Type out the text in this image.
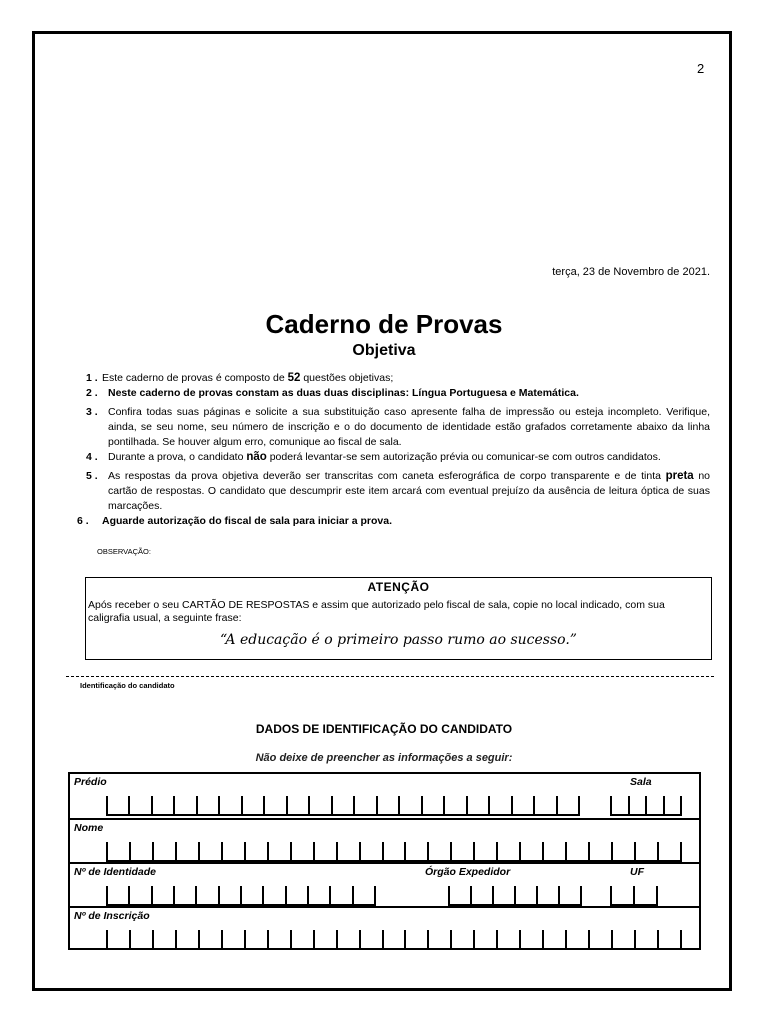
2
terça, 23 de Novembro de 2021.
Caderno de Provas
Objetiva
1 . Este caderno de provas é composto de 52 questões objetivas;
2 . Neste caderno de provas constam as duas duas disciplinas: Língua Portuguesa e Matemática.
3 . Confira todas suas páginas e solicite a sua substituição caso apresente falha de impressão ou esteja incompleto. Verifique, ainda, se seu nome, seu número de inscrição e o do documento de identidade estão grafados corretamente abaixo da linha pontilhada. Se houver algum erro, comunique ao fiscal de sala.
4 . Durante a prova, o candidato não poderá levantar-se sem autorização prévia ou comunicar-se com outros candidatos.
5 . As respostas da prova objetiva deverão ser transcritas com caneta esferográfica de corpo transparente e de tinta preta no cartão de respostas. O candidato que descumprir este item arcará com eventual prejuízo da ausência de leitura óptica de suas marcações.
6 . Aguarde autorização do fiscal de sala para iniciar a prova.
OBSERVAÇÃO:
ATENÇÃO
Após receber o seu CARTÃO DE RESPOSTAS e assim que autorizado pelo fiscal de sala, copie no local indicado, com sua caligrafia usual, a seguinte frase:
“A educação é o primeiro passo rumo ao sucesso.”
Identificação do candidato
DADOS DE IDENTIFICAÇÃO DO CANDIDATO
Não deixe de preencher as informações a seguir:
Prédio	Sala
Nome
Nº de Identidade	Órgão Expedidor	UF
Nº de Inscrição
